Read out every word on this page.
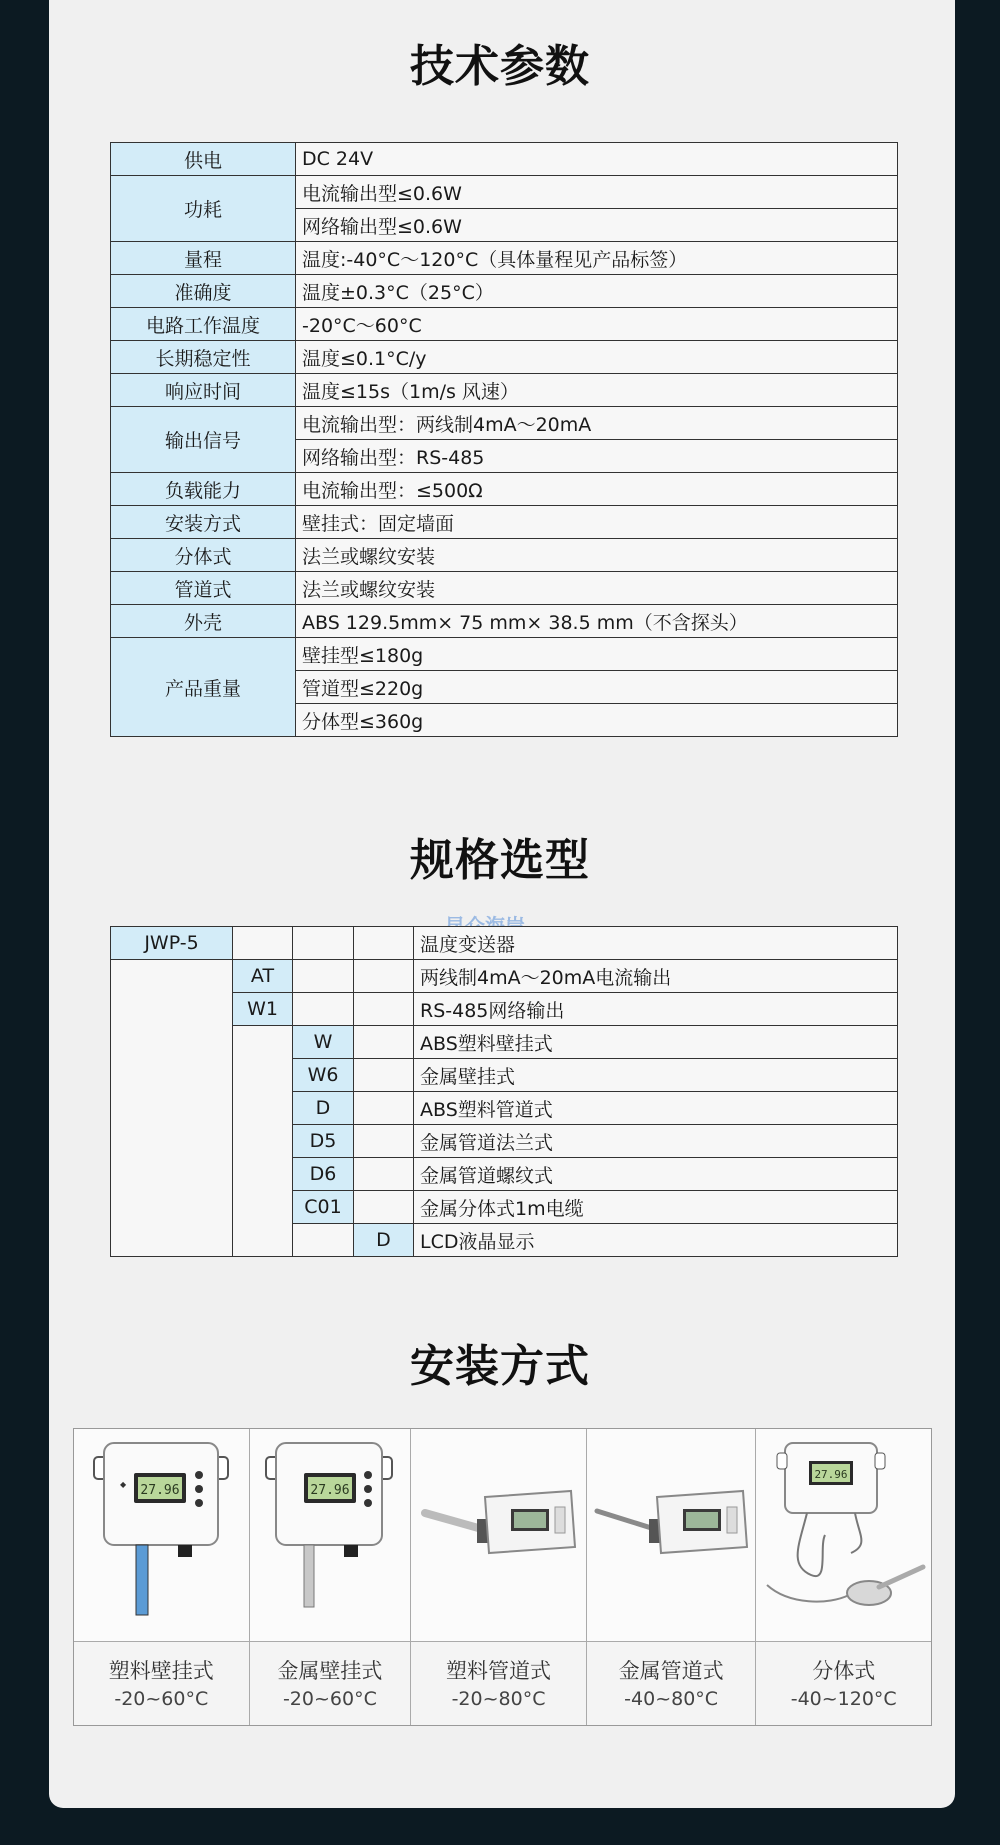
技术参数
供电	DC 24V
功耗	电流输出型≤0.6W
	网络输出型≤0.6W
量程	温度:-40°C～120°C（具体量程见产品标签）
准确度	温度±0.3°C（25°C）
电路工作温度	-20°C～60°C
长期稳定性	温度≤0.1°C/y
响应时间	温度≤15s（1m/s 风速）
输出信号	电流输出型：两线制4mA～20mA
	网络输出型：RS-485
负载能力	电流输出型：≤500Ω
安装方式	壁挂式：固定墙面
分体式	法兰或螺纹安装
管道式	法兰或螺纹安装
外壳	ABS 129.5mm× 75 mm× 38.5 mm（不含探头）
产品重量	壁挂型≤180g
	管道型≤220g
	分体型≤360g
规格选型
JWP-5				温度变送器
	AT			两线制4mA～20mA电流输出
	W1			RS-485网络输出
		W		ABS塑料壁挂式
		W6		金属壁挂式
		D		ABS塑料管道式
		D5		金属管道法兰式
		D6		金属管道螺纹式
		C01		金属分体式1m电缆
			D	LCD液晶显示
安装方式
27.96
◆
塑料壁挂式
-20~60°C
27.96
金属壁挂式
-20~60°C
塑料管道式
-20~80°C
金属管道式
-40~80°C
27.96
分体式
-40~120°C
